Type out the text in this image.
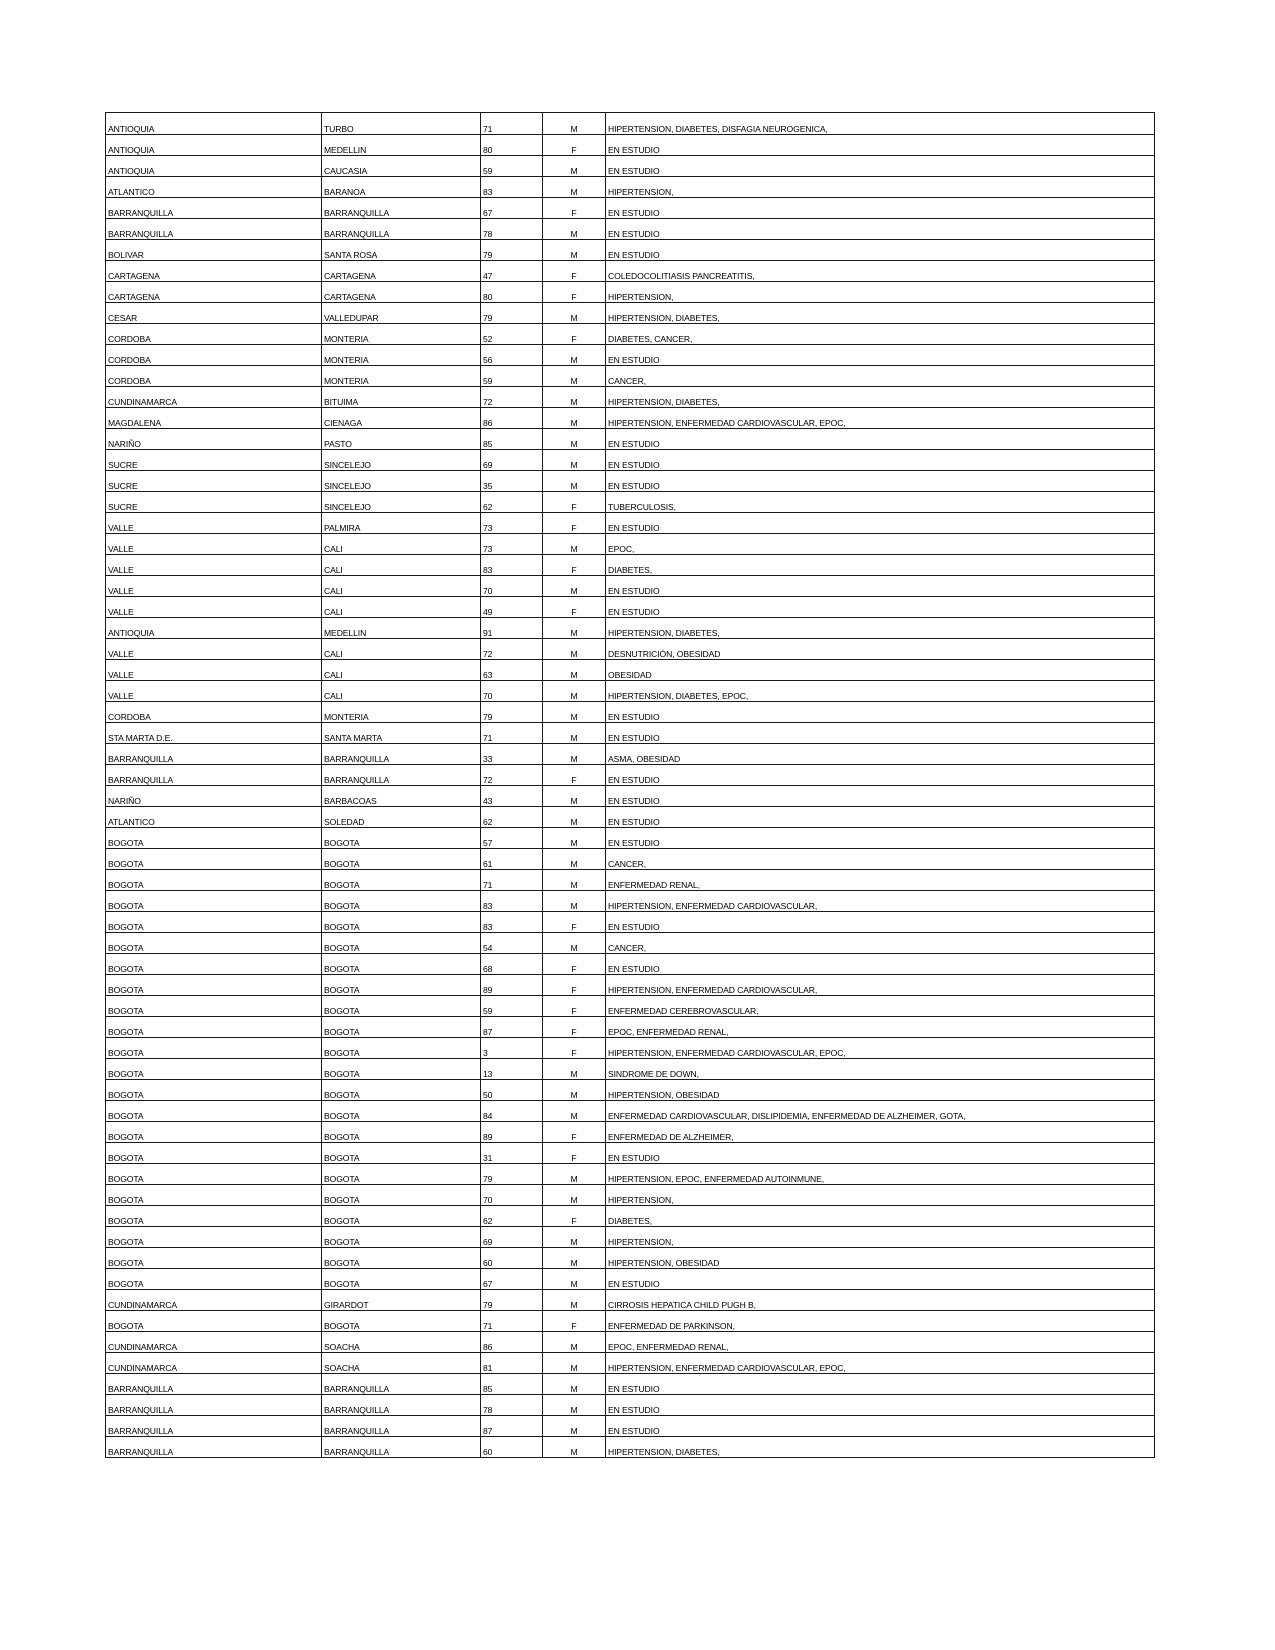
ANTIOQUIA	TURBO	71	M	HIPERTENSION, DIABETES, DISFAGIA NEUROGENICA,
ANTIOQUIA	MEDELLIN	80	F	EN ESTUDIO
ANTIOQUIA	CAUCASIA	59	M	EN ESTUDIO
ATLANTICO	BARANOA	83	M	HIPERTENSION,
BARRANQUILLA	BARRANQUILLA	67	F	EN ESTUDIO
BARRANQUILLA	BARRANQUILLA	78	M	EN ESTUDIO
BOLIVAR	SANTA ROSA	79	M	EN ESTUDIO
CARTAGENA	CARTAGENA	47	F	COLEDOCOLITIASIS PANCREATITIS,
CARTAGENA	CARTAGENA	80	F	HIPERTENSION,
CESAR	VALLEDUPAR	79	M	HIPERTENSION, DIABETES,
CORDOBA	MONTERIA	52	F	DIABETES, CANCER,
CORDOBA	MONTERIA	56	M	EN ESTUDIO
CORDOBA	MONTERIA	59	M	CANCER,
CUNDINAMARCA	BITUIMA	72	M	HIPERTENSION, DIABETES,
MAGDALENA	CIENAGA	86	M	HIPERTENSION, ENFERMEDAD CARDIOVASCULAR, EPOC,
NARIÑO	PASTO	85	M	EN ESTUDIO
SUCRE	SINCELEJO	69	M	EN ESTUDIO
SUCRE	SINCELEJO	35	M	EN ESTUDIO
SUCRE	SINCELEJO	62	F	TUBERCULOSIS,
VALLE	PALMIRA	73	F	EN ESTUDIO
VALLE	CALI	73	M	EPOC,
VALLE	CALI	83	F	DIABETES,
VALLE	CALI	70	M	EN ESTUDIO
VALLE	CALI	49	F	EN ESTUDIO
ANTIOQUIA	MEDELLIN	91	M	HIPERTENSION, DIABETES,
VALLE	CALI	72	M	DESNUTRICIÓN, OBESIDAD
VALLE	CALI	63	M	OBESIDAD
VALLE	CALI	70	M	HIPERTENSION, DIABETES, EPOC,
CORDOBA	MONTERIA	79	M	EN ESTUDIO
STA MARTA D.E.	SANTA MARTA	71	M	EN ESTUDIO
BARRANQUILLA	BARRANQUILLA	33	M	ASMA, OBESIDAD
BARRANQUILLA	BARRANQUILLA	72	F	EN ESTUDIO
NARIÑO	BARBACOAS	43	M	EN ESTUDIO
ATLANTICO	SOLEDAD	62	M	EN ESTUDIO
BOGOTA	BOGOTA	57	M	EN ESTUDIO
BOGOTA	BOGOTA	61	M	CANCER,
BOGOTA	BOGOTA	71	M	ENFERMEDAD RENAL,
BOGOTA	BOGOTA	83	M	HIPERTENSION, ENFERMEDAD CARDIOVASCULAR,
BOGOTA	BOGOTA	83	F	EN ESTUDIO
BOGOTA	BOGOTA	54	M	CANCER,
BOGOTA	BOGOTA	68	F	EN ESTUDIO
BOGOTA	BOGOTA	89	F	HIPERTENSION, ENFERMEDAD CARDIOVASCULAR,
BOGOTA	BOGOTA	59	F	ENFERMEDAD CEREBROVASCULAR,
BOGOTA	BOGOTA	87	F	EPOC, ENFERMEDAD RENAL,
BOGOTA	BOGOTA	3	F	HIPERTENSION, ENFERMEDAD CARDIOVASCULAR, EPOC,
BOGOTA	BOGOTA	13	M	SINDROME DE DOWN,
BOGOTA	BOGOTA	50	M	HIPERTENSION, OBESIDAD
BOGOTA	BOGOTA	84	M	ENFERMEDAD CARDIOVASCULAR, DISLIPIDEMIA, ENFERMEDAD DE ALZHEIMER, GOTA,
BOGOTA	BOGOTA	89	F	ENFERMEDAD DE ALZHEIMER,
BOGOTA	BOGOTA	31	F	EN ESTUDIO
BOGOTA	BOGOTA	79	M	HIPERTENSION, EPOC, ENFERMEDAD AUTOINMUNE,
BOGOTA	BOGOTA	70	M	HIPERTENSION,
BOGOTA	BOGOTA	62	F	DIABETES,
BOGOTA	BOGOTA	69	M	HIPERTENSION,
BOGOTA	BOGOTA	60	M	HIPERTENSION, OBESIDAD
BOGOTA	BOGOTA	67	M	EN ESTUDIO
CUNDINAMARCA	GIRARDOT	79	M	CIRROSIS HEPATICA CHILD PUGH B,
BOGOTA	BOGOTA	71	F	ENFERMEDAD DE PARKINSON,
CUNDINAMARCA	SOACHA	86	M	EPOC, ENFERMEDAD RENAL,
CUNDINAMARCA	SOACHA	81	M	HIPERTENSION, ENFERMEDAD CARDIOVASCULAR, EPOC,
BARRANQUILLA	BARRANQUILLA	85	M	EN ESTUDIO
BARRANQUILLA	BARRANQUILLA	78	M	EN ESTUDIO
BARRANQUILLA	BARRANQUILLA	87	M	EN ESTUDIO
BARRANQUILLA	BARRANQUILLA	60	M	HIPERTENSION, DIABETES,
